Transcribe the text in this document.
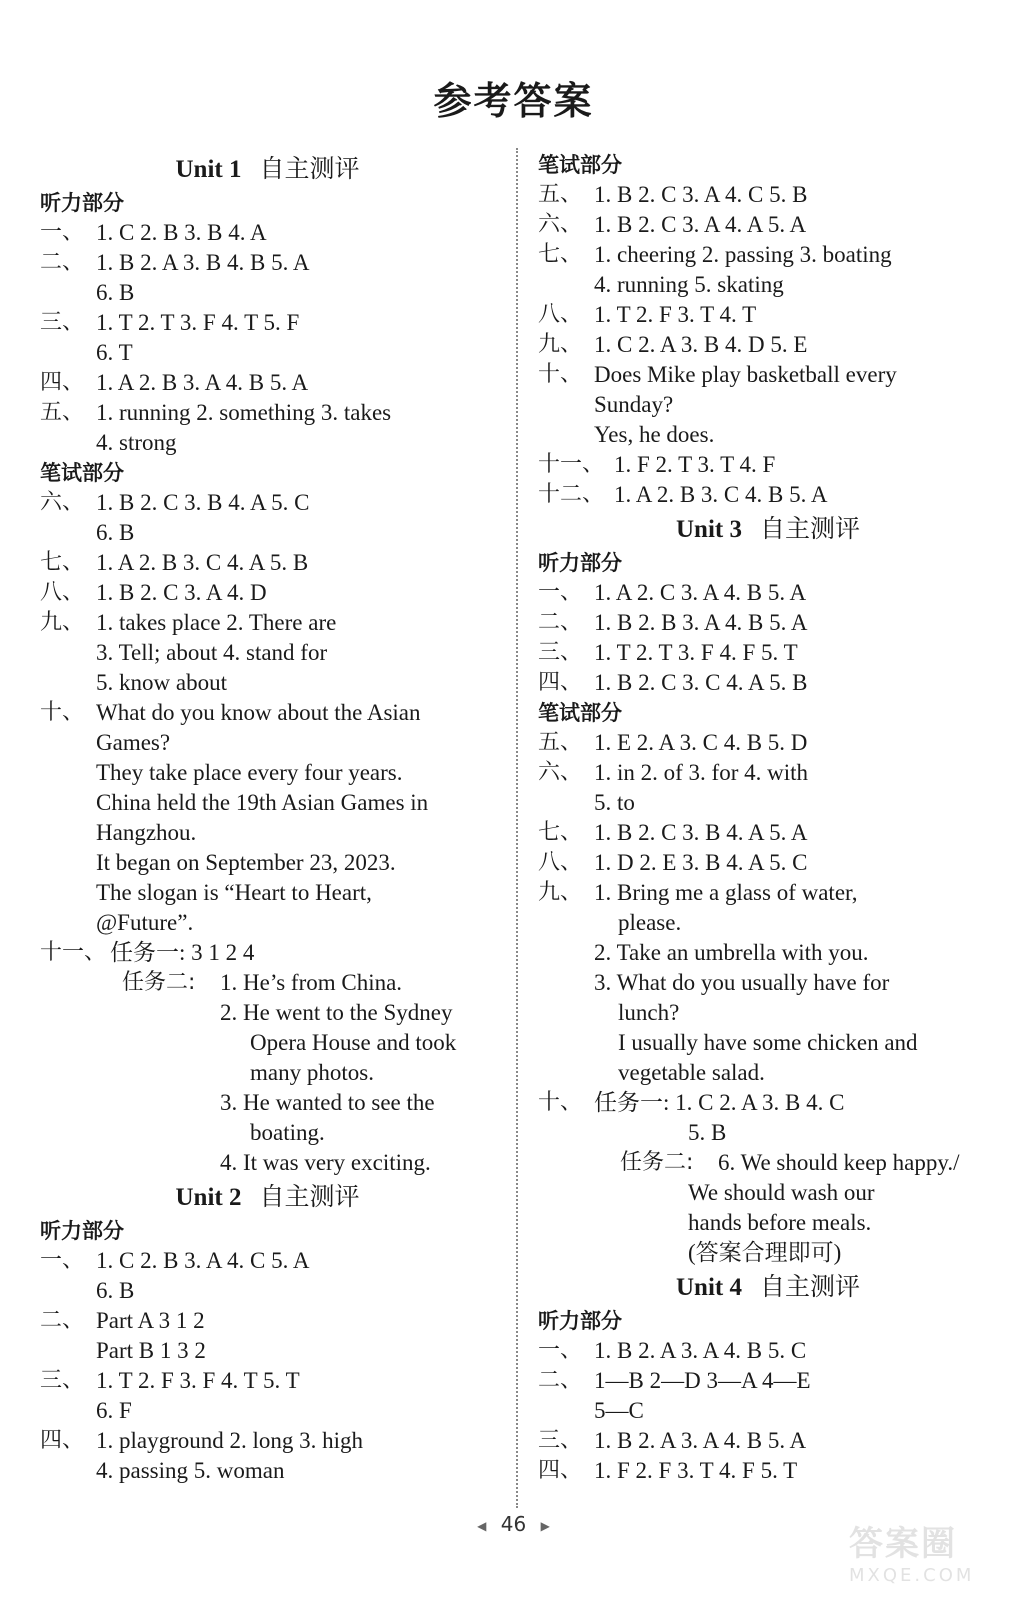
参考答案
Unit 1 自主测评
听力部分
一、 1. C 2. B 3. B 4. A
二、 1. B 2. A 3. B 4. B 5. A
6. B
三、 1. T 2. T 3. F 4. T 5. F
6. T
四、 1. A 2. B 3. A 4. B 5. A
五、 1. running 2. something 3. takes
4. strong
笔试部分
六、 1. B 2. C 3. B 4. A 5. C
6. B
七、 1. A 2. B 3. C 4. A 5. B
八、 1. B 2. C 3. A 4. D
九、 1. takes place 2. There are
3. Tell; about 4. stand for
5. know about
十、 What do you know about the Asian
Games?
They take place every four years.
China held the 19th Asian Games in
Hangzhou.
It began on September 23, 2023.
The slogan is “Heart to Heart,
@Future”.
十一、 任务一: 3 1 2 4
任务二: 1. He’s from China.
2. He went to the Sydney
Opera House and took
many photos.
3. He wanted to see the
boating.
4. It was very exciting.
Unit 2 自主测评
听力部分
一、 1. C 2. B 3. A 4. C 5. A
6. B
二、 Part A 3 1 2
Part B 1 3 2
三、 1. T 2. F 3. F 4. T 5. T
6. F
四、 1. playground 2. long 3. high
4. passing 5. woman
笔试部分
五、 1. B 2. C 3. A 4. C 5. B
六、 1. B 2. C 3. A 4. A 5. A
七、 1. cheering 2. passing 3. boating
4. running 5. skating
八、 1. T 2. F 3. T 4. T
九、 1. C 2. A 3. B 4. D 5. E
十、 Does Mike play basketball every
Sunday?
Yes, he does.
十一、 1. F 2. T 3. T 4. F
十二、 1. A 2. B 3. C 4. B 5. A
Unit 3 自主测评
听力部分
一、 1. A 2. C 3. A 4. B 5. A
二、 1. B 2. B 3. A 4. B 5. A
三、 1. T 2. T 3. F 4. F 5. T
四、 1. B 2. C 3. C 4. A 5. B
笔试部分
五、 1. E 2. A 3. C 4. B 5. D
六、 1. in 2. of 3. for 4. with
5. to
七、 1. B 2. C 3. B 4. A 5. A
八、 1. D 2. E 3. B 4. A 5. C
九、 1. Bring me a glass of water,
please.
2. Take an umbrella with you.
3. What do you usually have for
lunch?
I usually have some chicken and
vegetable salad.
十、 任务一: 1. C 2. A 3. B 4. C
5. B
任务二: 6. We should keep happy./
We should wash our
hands before meals.
(答案合理即可)
Unit 4 自主测评
听力部分
一、 1. B 2. A 3. A 4. B 5. C
二、 1—B 2—D 3—A 4—E
5—C
三、 1. B 2. A 3. A 4. B 5. A
四、 1. F 2. F 3. T 4. F 5. T
◀ 46 ▶	答案圈
MXQE.COM
